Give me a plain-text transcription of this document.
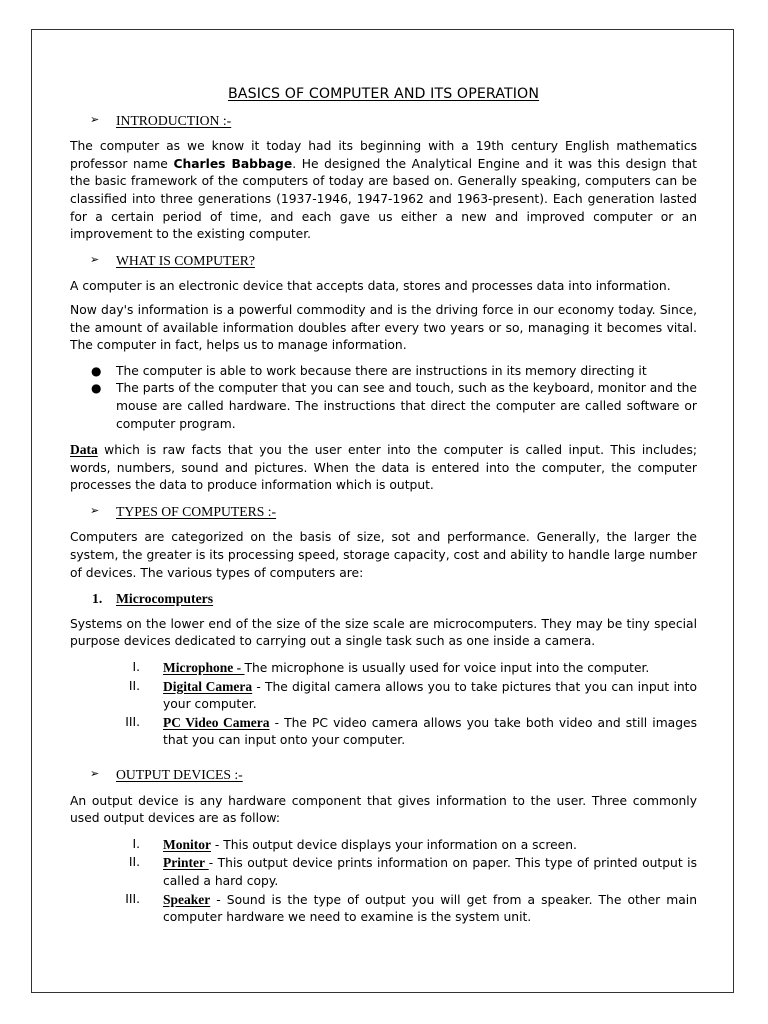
BASICS OF COMPUTER AND ITS OPERATION
➢	INTRODUCTION :-

The computer as we know it today had its beginning with a 19th century English mathematics professor name Charles Babbage. He designed the Analytical Engine and it was this design that the basic framework of the computers of today are based on. Generally speaking, computers can be classified into three generations (1937-1946, 1947-1962 and 1963-present). Each generation lasted for a certain period of time, and each gave us either a new and improved computer or an improvement to the existing computer.

➢	WHAT IS COMPUTER?

A computer is an electronic device that accepts data, stores and processes data into information.

Now day's information is a powerful commodity and is the driving force in our economy today. Since, the amount of available information doubles after every two years or so, managing it becomes vital. The computer in fact, helps us to manage information.

● The computer is able to work because there are instructions in its memory directing it
● The parts of the computer that you can see and touch, such as the keyboard, monitor and the mouse are called hardware. The instructions that direct the computer are called software or computer program.

Data which is raw facts that you the user enter into the computer is called input. This includes; words, numbers, sound and pictures. When the data is entered into the computer, the computer processes the data to produce information which is output.

➢	TYPES OF COMPUTERS :-

Computers are categorized on the basis of size, sot and performance. Generally, the larger the system, the greater is its processing speed, storage capacity, cost and ability to handle large number of devices. The various types of computers are:

1.	Microcomputers

Systems on the lower end of the size of the size scale are microcomputers. They may be tiny special purpose devices dedicated to carrying out a single task such as one inside a camera.

I. Microphone - The microphone is usually used for voice input into the computer.
II. Digital Camera - The digital camera allows you to take pictures that you can input into your computer.
III. PC Video Camera - The PC video camera allows you take both video and still images that you can input onto your computer.
➢	OUTPUT DEVICES :-

An output device is any hardware component that gives information to the user. Three commonly used output devices are as follow:

I. Monitor - This output device displays your information on a screen.
II. Printer - This output device prints information on paper. This type of printed output is called a hard copy.
III. Speaker - Sound is the type of output you will get from a speaker. The other main computer hardware we need to examine is the system unit.
